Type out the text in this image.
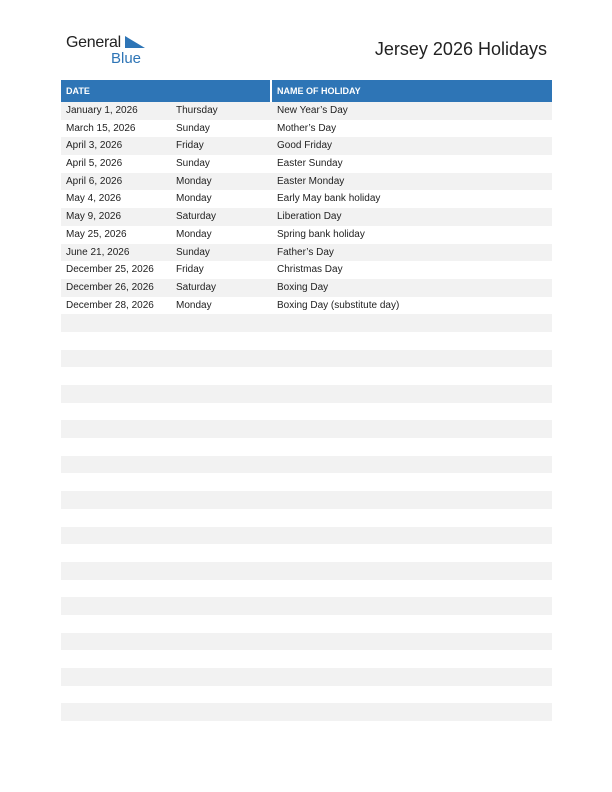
General
Blue	Jersey 2026 Holidays
DATE	NAME OF HOLIDAY
January 1, 2026	Thursday	New Year’s Day
March 15, 2026	Sunday	Mother’s Day
April 3, 2026	Friday	Good Friday
April 5, 2026	Sunday	Easter Sunday
April 6, 2026	Monday	Easter Monday
May 4, 2026	Monday	Early May bank holiday
May 9, 2026	Saturday	Liberation Day
May 25, 2026	Monday	Spring bank holiday
June 21, 2026	Sunday	Father’s Day
December 25, 2026 Friday	Christmas Day
December 26, 2026 Saturday	Boxing Day
December 28, 2026 Monday	Boxing Day (substitute day)
